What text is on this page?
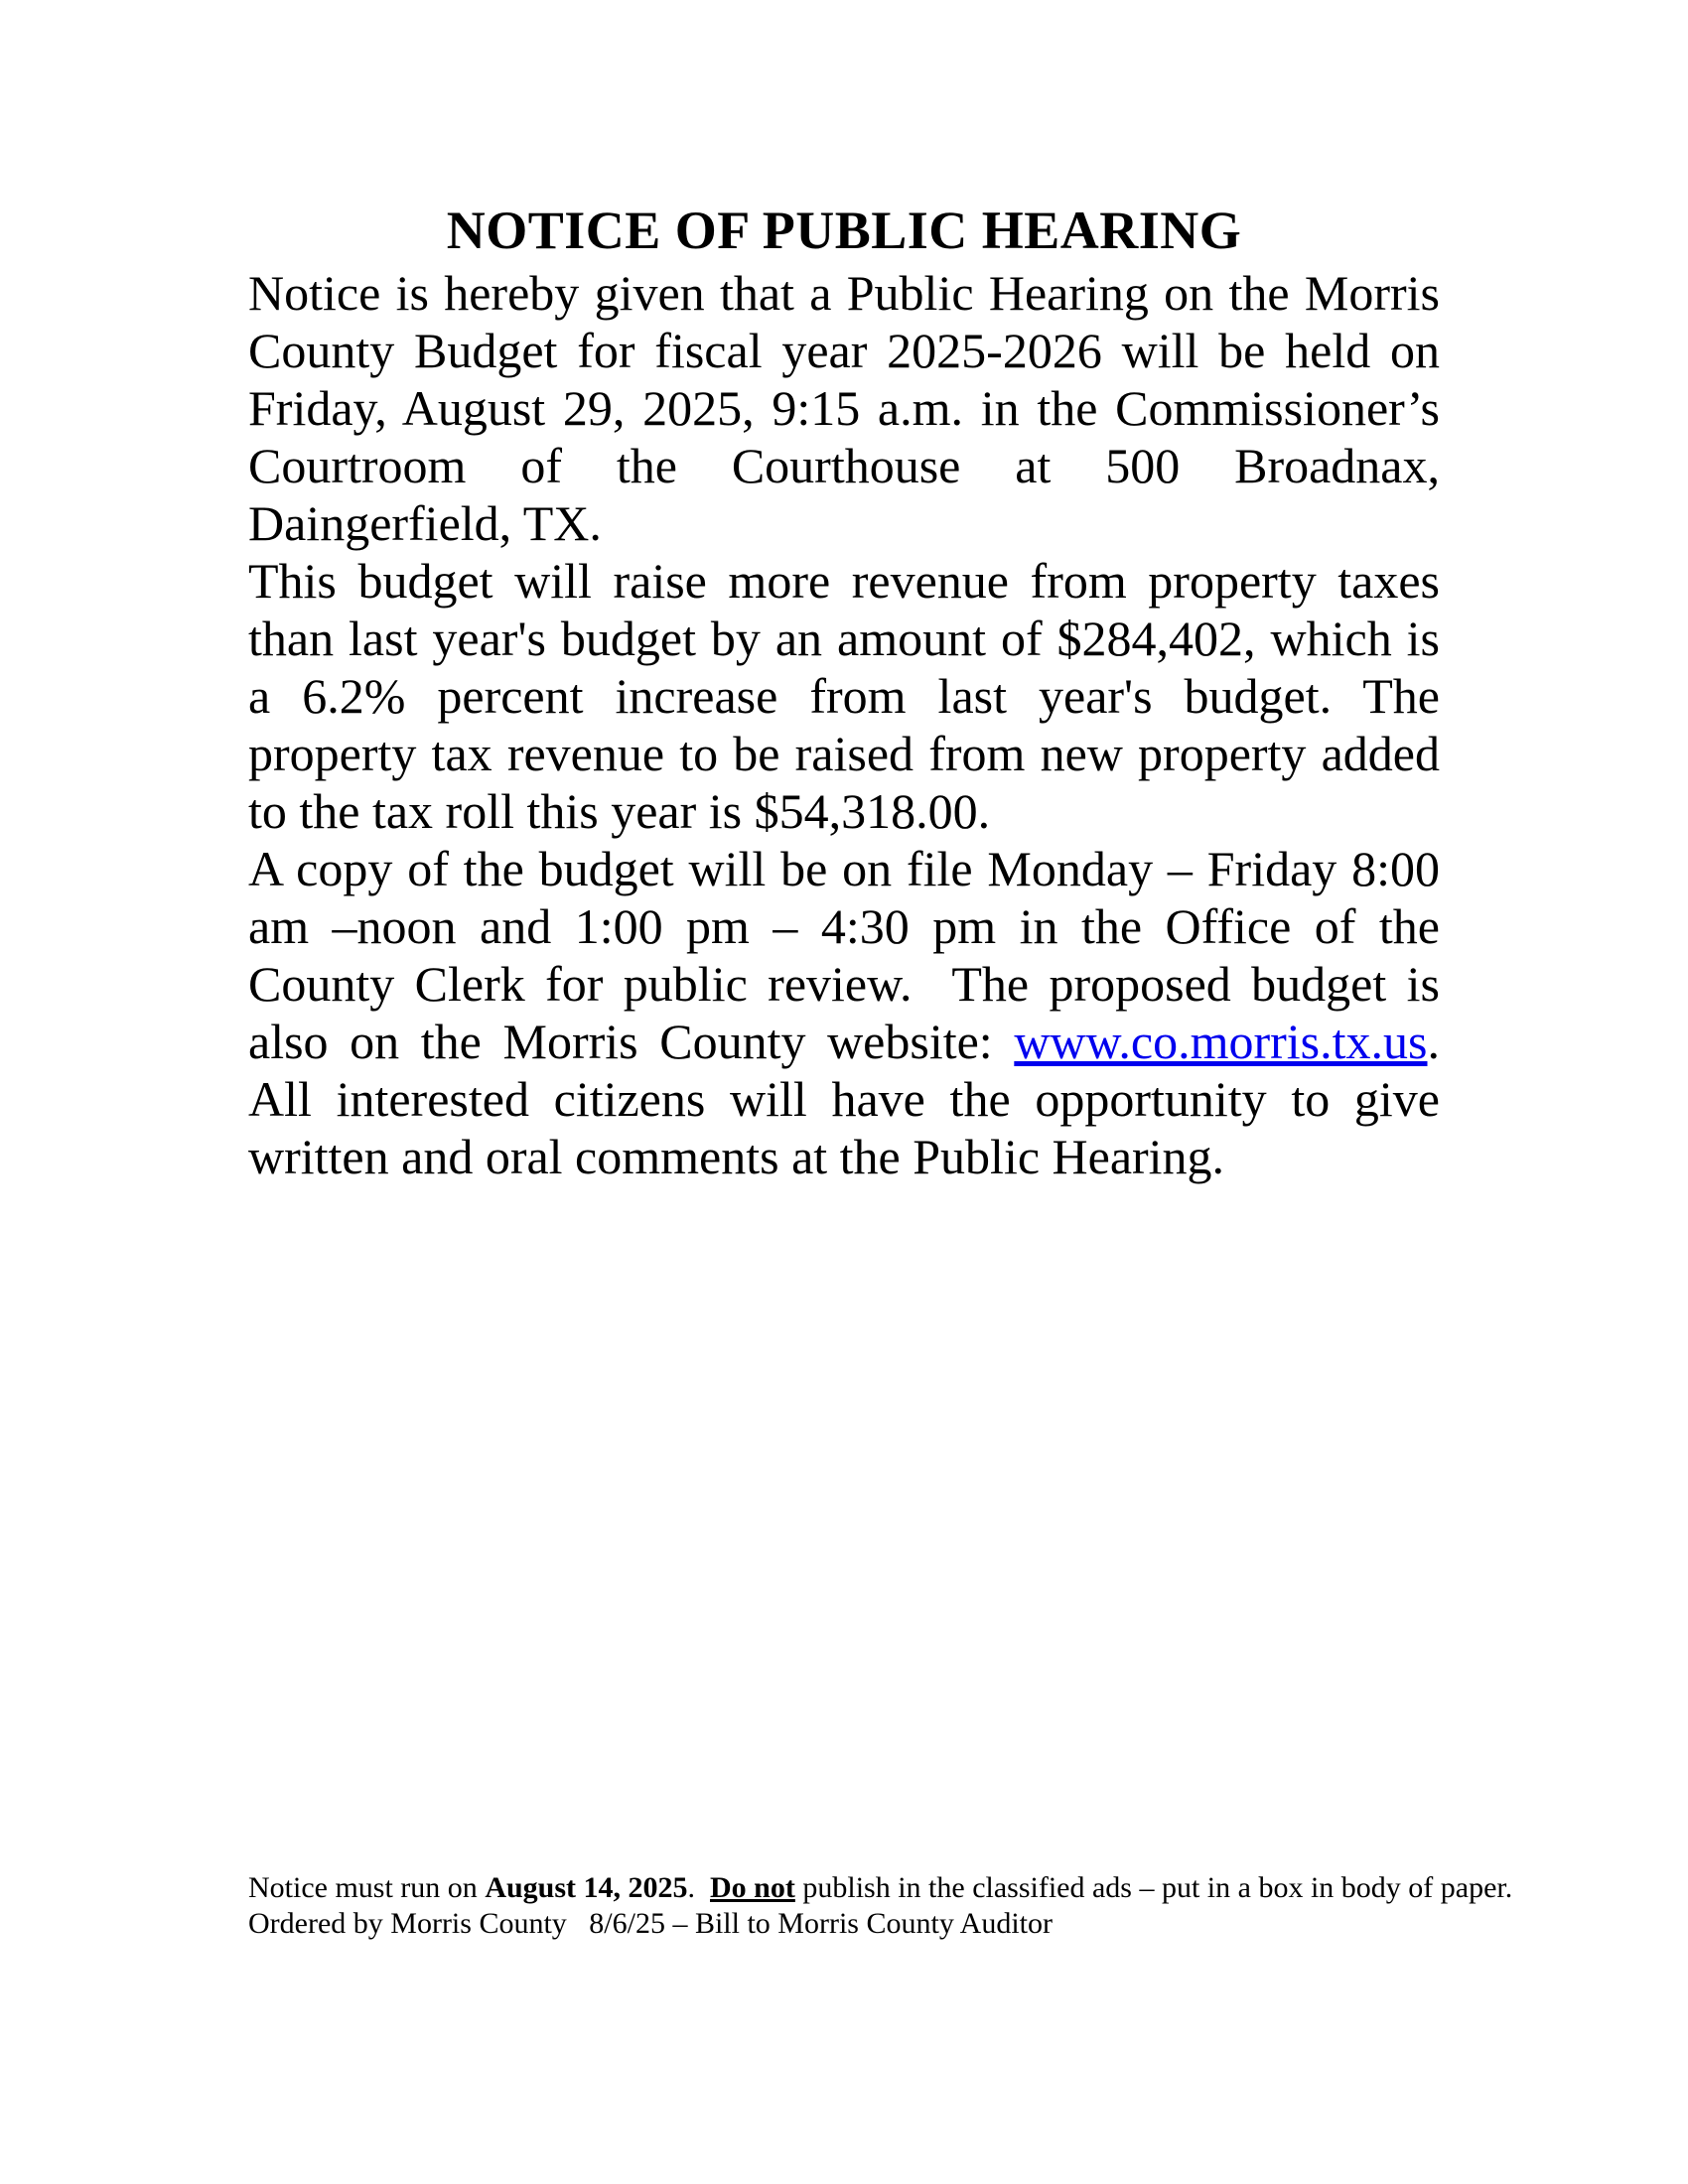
NOTICE OF PUBLIC HEARING

Notice is hereby given that a Public Hearing on the Morris County Budget for fiscal year 2025-2026 will be held on Friday, August 29, 2025, 9:15 a.m. in the Commissioner’s Courtroom of the Courthouse at 500 Broadnax, Daingerfield, TX.

This budget will raise more revenue from property taxes than last year's budget by an amount of $284,402, which is a 6.2% percent increase from last year's budget. The property tax revenue to be raised from new property added to the tax roll this year is $54,318.00.

A copy of the budget will be on file Monday – Friday 8:00 am –noon and 1:00 pm – 4:30 pm in the Office of the County Clerk for public review.  The proposed budget is also on the Morris County website: www.co.morris.tx.us. All interested citizens will have the opportunity to give written and oral comments at the Public Hearing.

Notice must run on August 14, 2025.  Do not publish in the classified ads – put in a box in body of paper.

Ordered by Morris County   8/6/25 – Bill to Morris County Auditor
